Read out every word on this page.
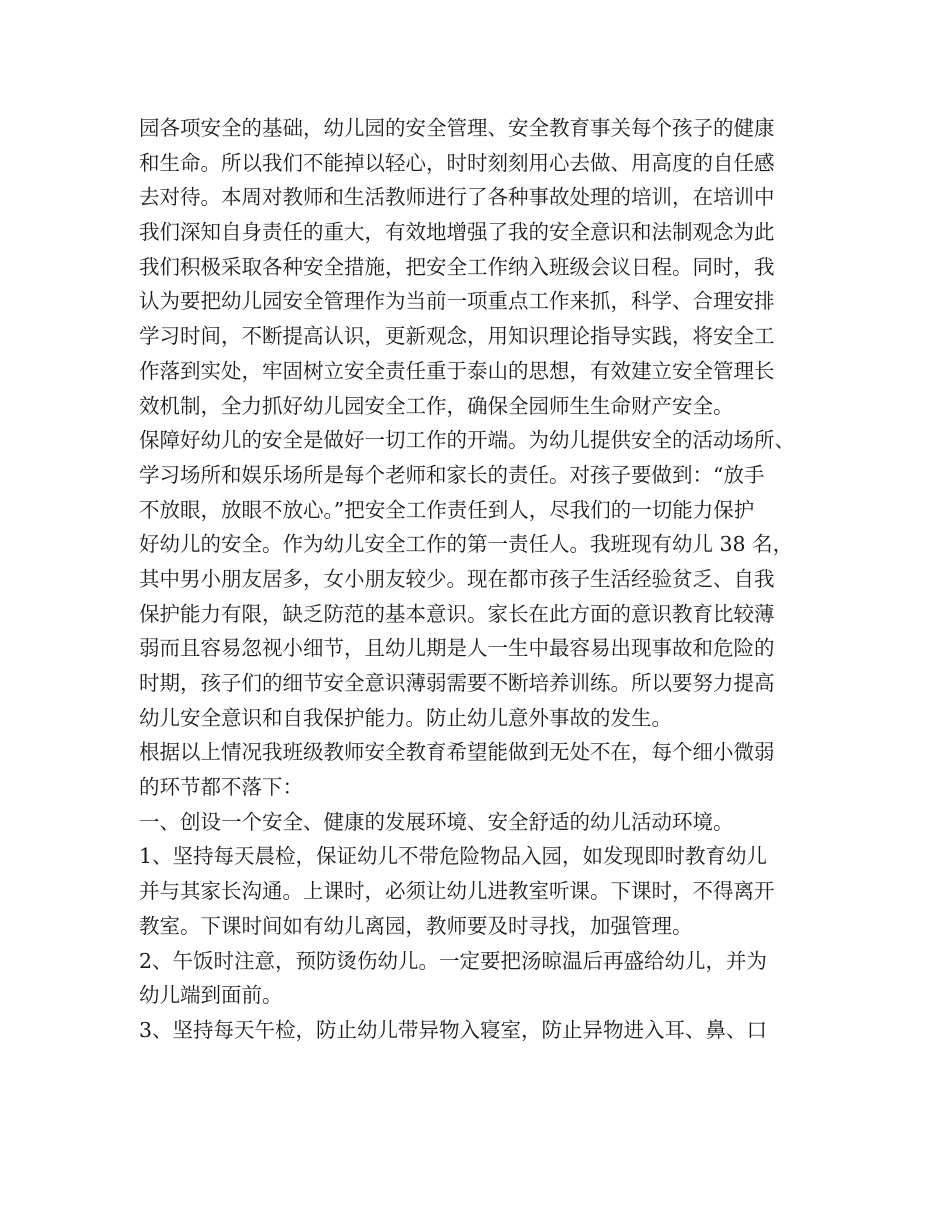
园各项安全的基础，幼儿园的安全管理、安全教育事关每个孩子的健康
和生命。所以我们不能掉以轻心，时时刻刻用心去做、用高度的自任感
去对待。本周对教师和生活教师进行了各种事故处理的培训，在培训中
我们深知自身责任的重大，有效地增强了我的安全意识和法制观念为此
我们积极采取各种安全措施，把安全工作纳入班级会议日程。同时，我
认为要把幼儿园安全管理作为当前一项重点工作来抓，科学、合理安排
学习时间，不断提高认识，更新观念，用知识理论指导实践，将安全工
作落到实处，牢固树立安全责任重于泰山的思想，有效建立安全管理长
效机制，全力抓好幼儿园安全工作，确保全园师生生命财产安全。
保障好幼儿的安全是做好一切工作的开端。为幼儿提供安全的活动场所、
学习场所和娱乐场所是每个老师和家长的责任。对孩子要做到：“放手
不放眼，放眼不放心。”把安全工作责任到人，尽我们的一切能力保护
好幼儿的安全。作为幼儿安全工作的第一责任人。我班现有幼儿 38 名，
其中男小朋友居多，女小朋友较少。现在都市孩子生活经验贫乏、自我
保护能力有限，缺乏防范的基本意识。家长在此方面的意识教育比较薄
弱而且容易忽视小细节，且幼儿期是人一生中最容易出现事故和危险的
时期，孩子们的细节安全意识薄弱需要不断培养训练。所以要努力提高
幼儿安全意识和自我保护能力。防止幼儿意外事故的发生。
根据以上情况我班级教师安全教育希望能做到无处不在，每个细小微弱
的环节都不落下：
一、创设一个安全、健康的发展环境、安全舒适的幼儿活动环境。
1、坚持每天晨检，保证幼儿不带危险物品入园，如发现即时教育幼儿
并与其家长沟通。上课时，必须让幼儿进教室听课。下课时，不得离开
教室。下课时间如有幼儿离园，教师要及时寻找，加强管理。
2、午饭时注意，预防烫伤幼儿。一定要把汤晾温后再盛给幼儿，并为
幼儿端到面前。
3、坚持每天午检，防止幼儿带异物入寝室，防止异物进入耳、鼻、口
